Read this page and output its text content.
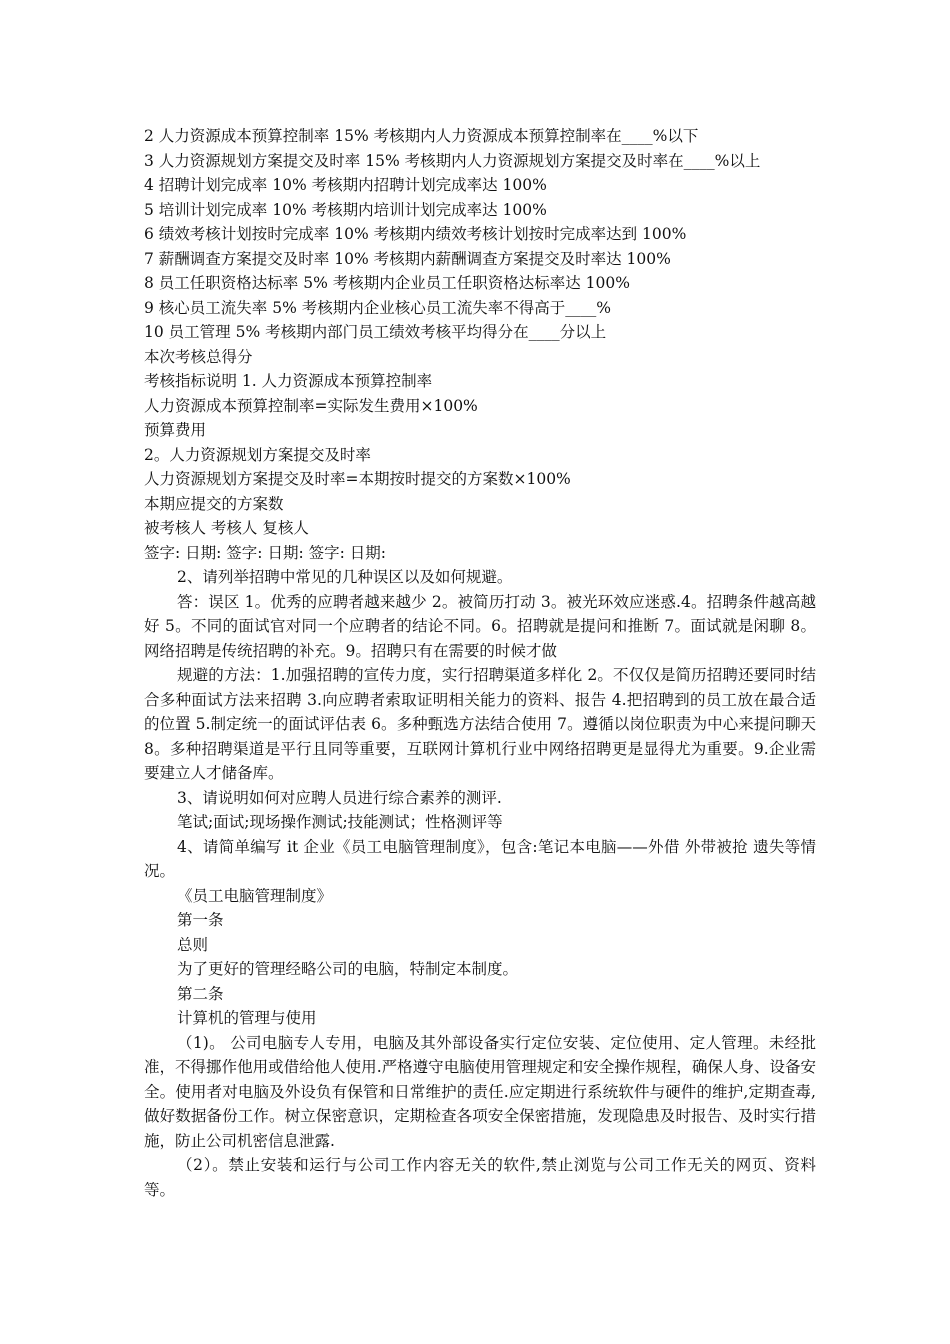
2 人力资源成本预算控制率 15% 考核期内人力资源成本预算控制率在____%以下
3 人力资源规划方案提交及时率 15% 考核期内人力资源规划方案提交及时率在____%以上
4 招聘计划完成率 10% 考核期内招聘计划完成率达 100%
5 培训计划完成率 10% 考核期内培训计划完成率达 100%
6 绩效考核计划按时完成率 10% 考核期内绩效考核计划按时完成率达到 100%
7 薪酬调查方案提交及时率 10% 考核期内薪酬调查方案提交及时率达 100%
8 员工任职资格达标率 5% 考核期内企业员工任职资格达标率达 100%
9 核心员工流失率 5% 考核期内企业核心员工流失率不得高于____%
10 员工管理 5% 考核期内部门员工绩效考核平均得分在____分以上
本次考核总得分
考核指标说明 1. 人力资源成本预算控制率
人力资源成本预算控制率=实际发生费用×100%
预算费用
2。人力资源规划方案提交及时率
人力资源规划方案提交及时率=本期按时提交的方案数×100%
本期应提交的方案数
被考核人 考核人 复核人
签字: 日期: 签字: 日期: 签字: 日期:
2、请列举招聘中常见的几种误区以及如何规避。
答：误区 1。优秀的应聘者越来越少 2。被简历打动 3。被光环效应迷惑.4。招聘条件越高越好 5。不同的面试官对同一个应聘者的结论不同。6。招聘就是提问和推断 7。面试就是闲聊 8。网络招聘是传统招聘的补充。9。招聘只有在需要的时候才做
规避的方法：1.加强招聘的宣传力度，实行招聘渠道多样化 2。不仅仅是简历招聘还要同时结合多种面试方法来招聘 3.向应聘者索取证明相关能力的资料、报告 4.把招聘到的员工放在最合适的位置 5.制定统一的面试评估表 6。多种甄选方法结合使用 7。遵循以岗位职责为中心来提问聊天 8。多种招聘渠道是平行且同等重要，互联网计算机行业中网络招聘更是显得尤为重要。9.企业需要建立人才储备库。
3、请说明如何对应聘人员进行综合素养的测评.
笔试;面试;现场操作测试;技能测试；性格测评等
4、请简单编写 it 企业《员工电脑管理制度》，包含:笔记本电脑——外借 外带被抢 遗失等情况。
《员工电脑管理制度》
第一条
总则
为了更好的管理经略公司的电脑，特制定本制度。
第二条
计算机的管理与使用
（1)。 公司电脑专人专用，电脑及其外部设备实行定位安装、定位使用、定人管理。未经批准，不得挪作他用或借给他人使用.严格遵守电脑使用管理规定和安全操作规程，确保人身、设备安全。使用者对电脑及外设负有保管和日常维护的责任.应定期进行系统软件与硬件的维护,定期查毒,做好数据备份工作。树立保密意识，定期检查各项安全保密措施，发现隐患及时报告、及时实行措施，防止公司机密信息泄露.
（2）。禁止安装和运行与公司工作内容无关的软件,禁止浏览与公司工作无关的网页、资料等。
